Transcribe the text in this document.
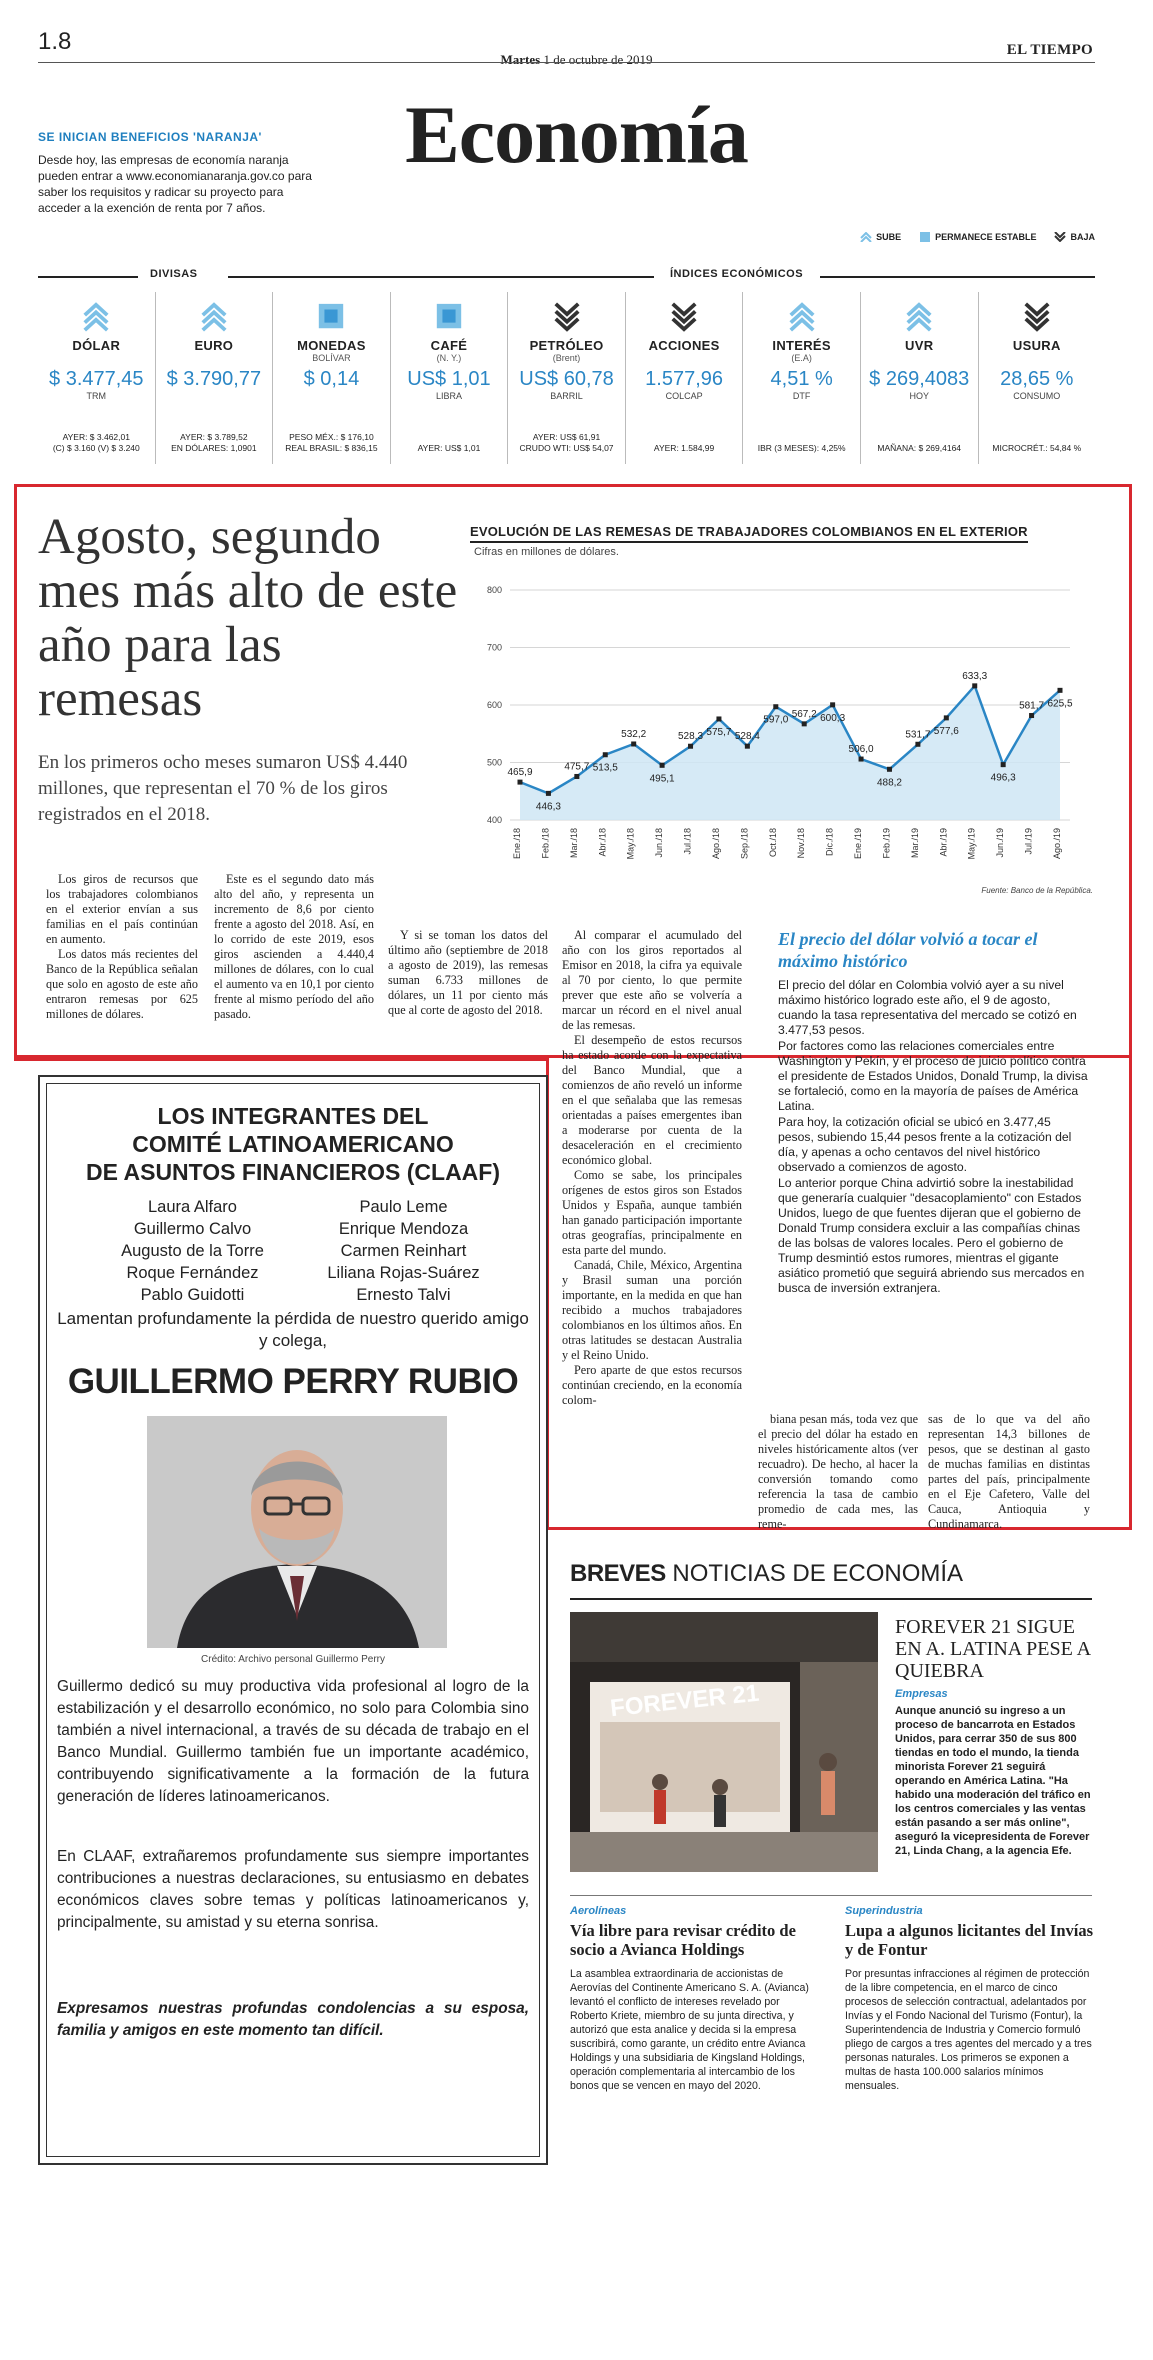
1.8
Martes 1 de octubre de 2019
EL TIEMPO
Economía
SE INICIAN BENEFICIOS 'NARANJA'
Desde hoy, las empresas de economía naranja pueden entrar a www.economianaranja.gov.co para saber los requisitos y radicar su proyecto para acceder a la exención de renta por 7 años.
SUBE	PERMANECE ESTABLE	BAJA
DIVISAS	ÍNDICES ECONÓMICOS
DÓLAR
$ 3.477,45
TRM
AYER: $ 3.462,01
(C) $ 3.160 (V) $ 3.240
EURO
$ 3.790,77
AYER: $ 3.789,52
EN DÓLARES: 1,0901
MONEDAS
BOLÍVAR
$ 0,14
PESO MÉX.: $ 176,10
REAL BRASIL: $ 836,15
CAFÉ
(N. Y.)
US$ 1,01
LIBRA
AYER: US$ 1,01
PETRÓLEO
(Brent)
US$ 60,78
BARRIL
AYER: US$ 61,91
CRUDO WTI: US$ 54,07
ACCIONES
1.577,96
COLCAP
AYER: 1.584,99
INTERÉS
(E.A)
4,51 %
DTF
IBR (3 MESES): 4,25%
UVR
$ 269,4083
HOY
MAÑANA: $ 269,4164
USURA
28,65 %
CONSUMO
MICROCRÉT.: 54,84 %
Agosto, segundo mes más alto de este año para las remesas
En los primeros ocho meses sumaron US$ 4.440 millones, que representan el 70 % de los giros registrados en el 2018.

Los giros de recursos que los trabajadores colombianos en el exterior envían a sus familias en el país continúan en aumento.

Los datos más recientes del Banco de la República señalan que solo en agosto de este año entraron remesas por 625 millones de dólares.

Este es el segundo dato más alto del año, y representa un incremento de 8,6 por ciento frente a agosto del 2018. Así, en lo corrido de este 2019, esos giros ascienden a 4.440,4 millones de dólares, con lo cual el aumento va en 10,1 por ciento frente al mismo período del año pasado.

Y si se toman los datos del último año (septiembre de 2018 a agosto de 2019), las remesas suman 6.733 millones de dólares, un 11 por ciento más que al corte de agosto del 2018.

Al comparar el acumulado del año con los giros reportados al Emisor en 2018, la cifra ya equivale al 70 por ciento, lo que permite prever que este año se volvería a marcar un récord en el nivel anual de las remesas.

El desempeño de estos recursos ha estado acorde con la expectativa del Banco Mundial, que a comienzos de año reveló un informe en el que señalaba que las remesas orientadas a países emergentes iban a moderarse por cuenta de la desaceleración en el crecimiento económico global.

Como se sabe, los principales orígenes de estos giros son Estados Unidos y España, aunque también han ganado participación importante otras geografías, principalmente en esta parte del mundo.

Canadá, Chile, México, Argentina y Brasil suman una porción importante, en la medida en que han recibido a muchos trabajadores colombianos en los últimos años. En otras latitudes se destacan Australia y el Reino Unido.

Pero aparte de que estos recursos continúan creciendo, en la economía colom-

biana pesan más, toda vez que el precio del dólar ha estado en niveles históricamente altos (ver recuadro). De hecho, al hacer la conversión tomando como referencia la tasa de cambio promedio de cada mes, las reme-

sas de lo que va del año representan 14,3 billones de pesos, que se destinan al gasto de muchas familias en distintas partes del país, principalmente en el Eje Cafetero, Valle del Cauca, Antioquia y Cundinamarca.

EVOLUCIÓN DE LAS REMESAS DE TRABAJADORES COLOMBIANOS EN EL EXTERIOR
Cifras en millones de dólares.
400
500
600
700
800
465,9
Ene./18
446,3
Feb./18
475,7
Mar./18
513,5
Abr./18
532,2
May./18
495,1
Jun./18
528,3
Jul./18
575,7
Ago./18
528,4
Sep./18
597,0
Oct./18
567,2
Nov./18
600,3
Dic./18
506,0
Ene./19
488,2
Feb./19
531,7
Mar./19
577,6
Abr./19
633,3
May./19
496,3
Jun./19
581,7
Jul./19
625,5
Ago./19
Fuente: Banco de la República.
El precio del dólar volvió a tocar el máximo histórico

El precio del dólar en Colombia volvió ayer a su nivel máximo histórico logrado este año, el 9 de agosto, cuando la tasa representativa del mercado se cotizó en 3.477,53 pesos.

Por factores como las relaciones comerciales entre Washington y Pekín, y el proceso de juicio político contra el presidente de Estados Unidos, Donald Trump, la divisa se fortaleció, como en la mayoría de países de América Latina.

Para hoy, la cotización oficial se ubicó en 3.477,45 pesos, subiendo 15,44 pesos frente a la cotización del día, y apenas a ocho centavos del nivel histórico observado a comienzos de agosto.

Lo anterior porque China advirtió sobre la inestabilidad que generaría cualquier "desacoplamiento" con Estados Unidos, luego de que fuentes dijeran que el gobierno de Donald Trump considera excluir a las compañías chinas de las bolsas de valores locales. Pero el gobierno de Trump desmintió estos rumores, mientras el gigante asiático prometió que seguirá abriendo sus mercados en busca de inversión extranjera.

LOS INTEGRANTES DEL
COMITÉ LATINOAMERICANO
DE ASUNTOS FINANCIEROS (CLAAF)
Laura Alfaro	Paulo Leme
Guillermo Calvo	Enrique Mendoza
Augusto de la Torre	Carmen Reinhart
Roque Fernández	Liliana Rojas-Suárez
Pablo Guidotti	Ernesto Talvi
Lamentan profundamente la pérdida de nuestro querido amigo y colega,
GUILLERMO PERRY RUBIO
Crédito: Archivo personal Guillermo Perry
Guillermo dedicó su muy productiva vida profesional al logro de la estabilización y el desarrollo económico, no solo para Colombia sino también a nivel internacional, a través de su década de trabajo en el Banco Mundial. Guillermo también fue un importante académico, contribuyendo significativamente a la formación de la futura generación de líderes latinoamericanos.
En CLAAF, extrañaremos profundamente sus siempre importantes contribuciones a nuestras declaraciones, su entusiasmo en debates económicos claves sobre temas y políticas latinoamericanos y, principalmente, su amistad y su eterna sonrisa.
Expresamos nuestras profundas condolencias a su esposa, familia y amigos en este momento tan difícil.
BREVES NOTICIAS DE ECONOMÍA
FOREVER 21
FOREVER 21 SIGUE EN A. LATINA PESE A QUIEBRA
Empresas
Aunque anunció su ingreso a un proceso de bancarrota en Estados Unidos, para cerrar 350 de sus 800 tiendas en todo el mundo, la tienda minorista Forever 21 seguirá operando en América Latina. "Ha habido una moderación del tráfico en los centros comerciales y las ventas están pasando a ser más online", aseguró la vicepresidenta de Forever 21, Linda Chang, a la agencia Efe.
Aerolíneas
Vía libre para revisar crédito de socio a Avianca Holdings
La asamblea extraordinaria de accionistas de Aerovías del Continente Americano S. A. (Avianca) levantó el conflicto de intereses revelado por Roberto Kriete, miembro de su junta directiva, y autorizó que esta analice y decida si la empresa suscribirá, como garante, un crédito entre Avianca Holdings y una subsidiaria de Kingsland Holdings, operación complementaria al intercambio de los bonos que se vencen en mayo del 2020.
Superindustria
Lupa a algunos licitantes del Invías y de Fontur
Por presuntas infracciones al régimen de protección de la libre competencia, en el marco de cinco procesos de selección contractual, adelantados por Invías y el Fondo Nacional del Turismo (Fontur), la Superintendencia de Industria y Comercio formuló pliego de cargos a tres agentes del mercado y a tres personas naturales. Los primeros se exponen a multas de hasta 100.000 salarios mínimos mensuales.
